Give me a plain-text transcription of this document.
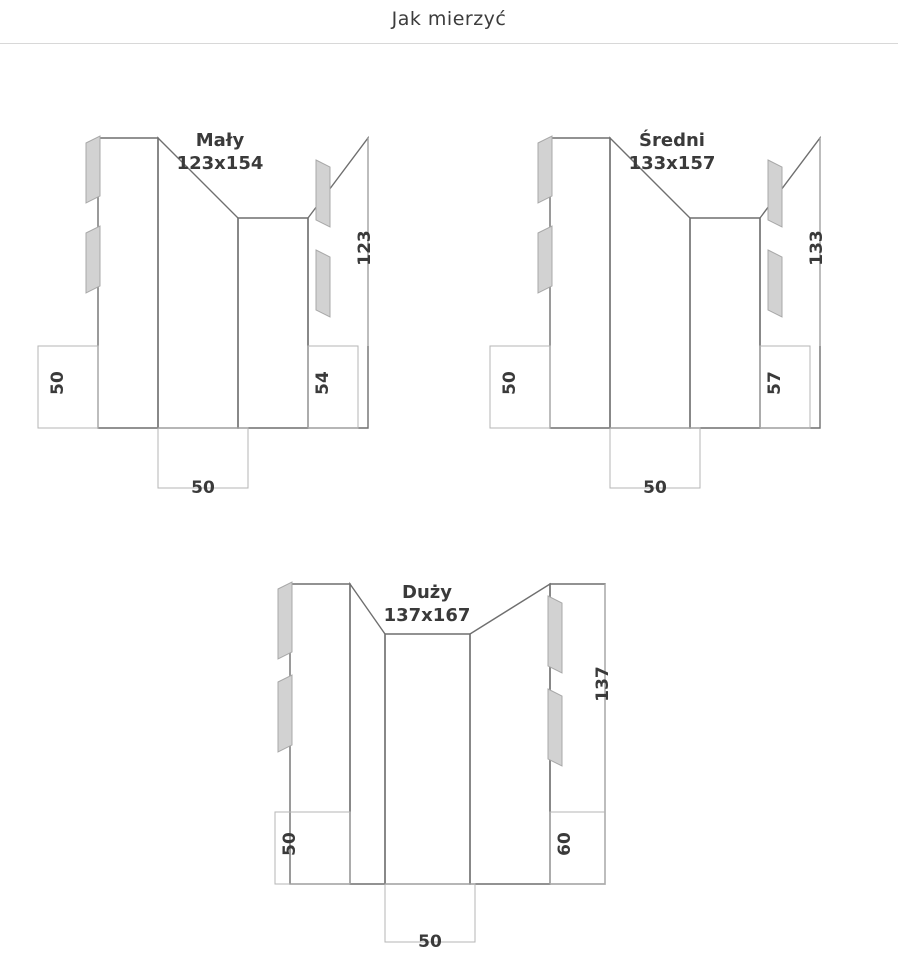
Jak mierzyć
Mały
123x154
50	54
123
50
Średni
133x157
50	57
133
50
Duży
137x167
50	60
137
50
